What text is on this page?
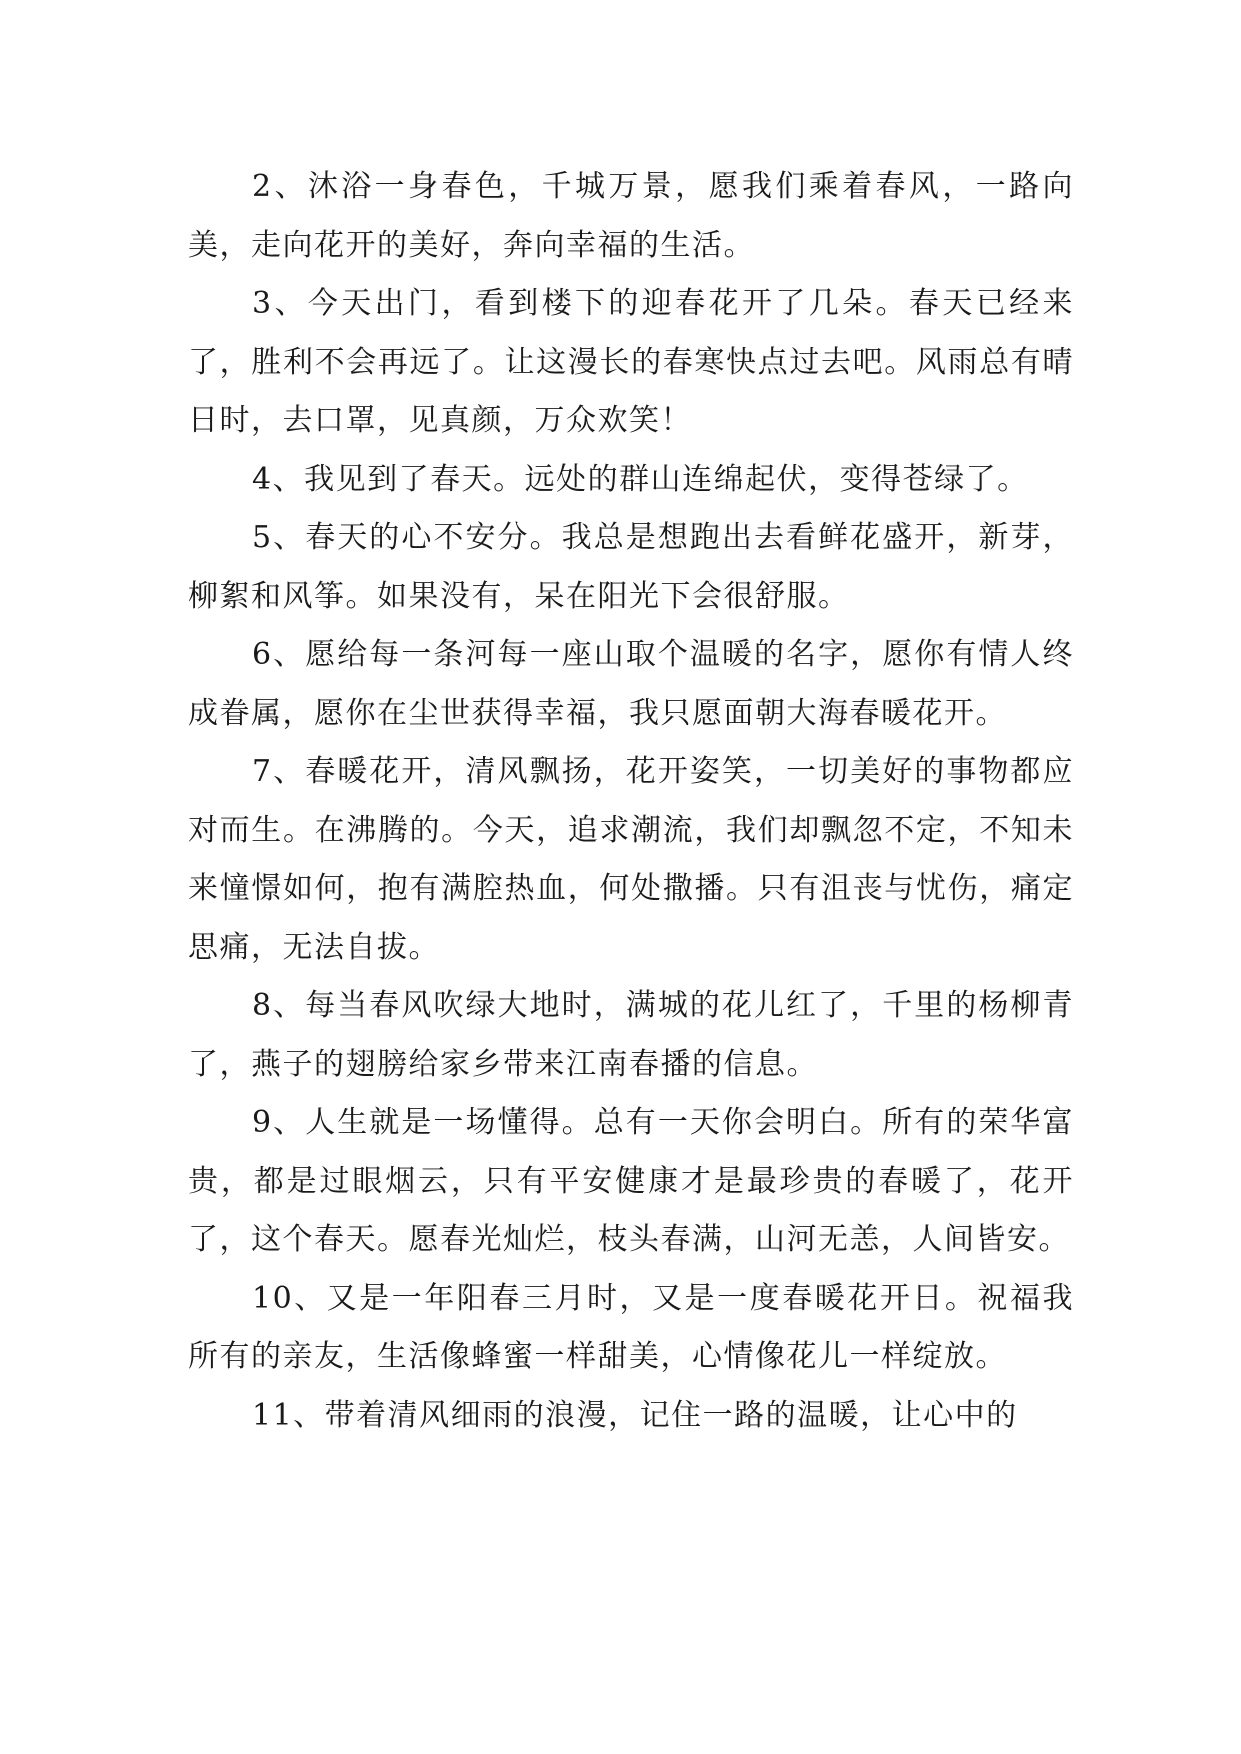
2、沐浴一身春色，千城万景，愿我们乘着春风，一路向美，走向花开的美好，奔向幸福的生活。

3、今天出门，看到楼下的迎春花开了几朵。春天已经来了，胜利不会再远了。让这漫长的春寒快点过去吧。风雨总有晴日时，去口罩，见真颜，万众欢笑！

4、我见到了春天。远处的群山连绵起伏，变得苍绿了。

5、春天的心不安分。我总是想跑出去看鲜花盛开，新芽，柳絮和风筝。如果没有，呆在阳光下会很舒服。

6、愿给每一条河每一座山取个温暖的名字，愿你有情人终成眷属，愿你在尘世获得幸福，我只愿面朝大海春暖花开。

7、春暖花开，清风飘扬，花开姿笑，一切美好的事物都应对而生。在沸腾的。今天，追求潮流，我们却飘忽不定，不知未来憧憬如何，抱有满腔热血，何处撒播。只有沮丧与忧伤，痛定思痛，无法自拔。

8、每当春风吹绿大地时，满城的花儿红了，千里的杨柳青了，燕子的翅膀给家乡带来江南春播的信息。

9、人生就是一场懂得。总有一天你会明白。所有的荣华富贵，都是过眼烟云，只有平安健康才是最珍贵的春暖了，花开了，这个春天。愿春光灿烂，枝头春满，山河无恙，人间皆安。

10、又是一年阳春三月时，又是一度春暖花开日。祝福我所有的亲友，生活像蜂蜜一样甜美，心情像花儿一样绽放。

11、带着清风细雨的浪漫，记住一路的温暖，让心中的
